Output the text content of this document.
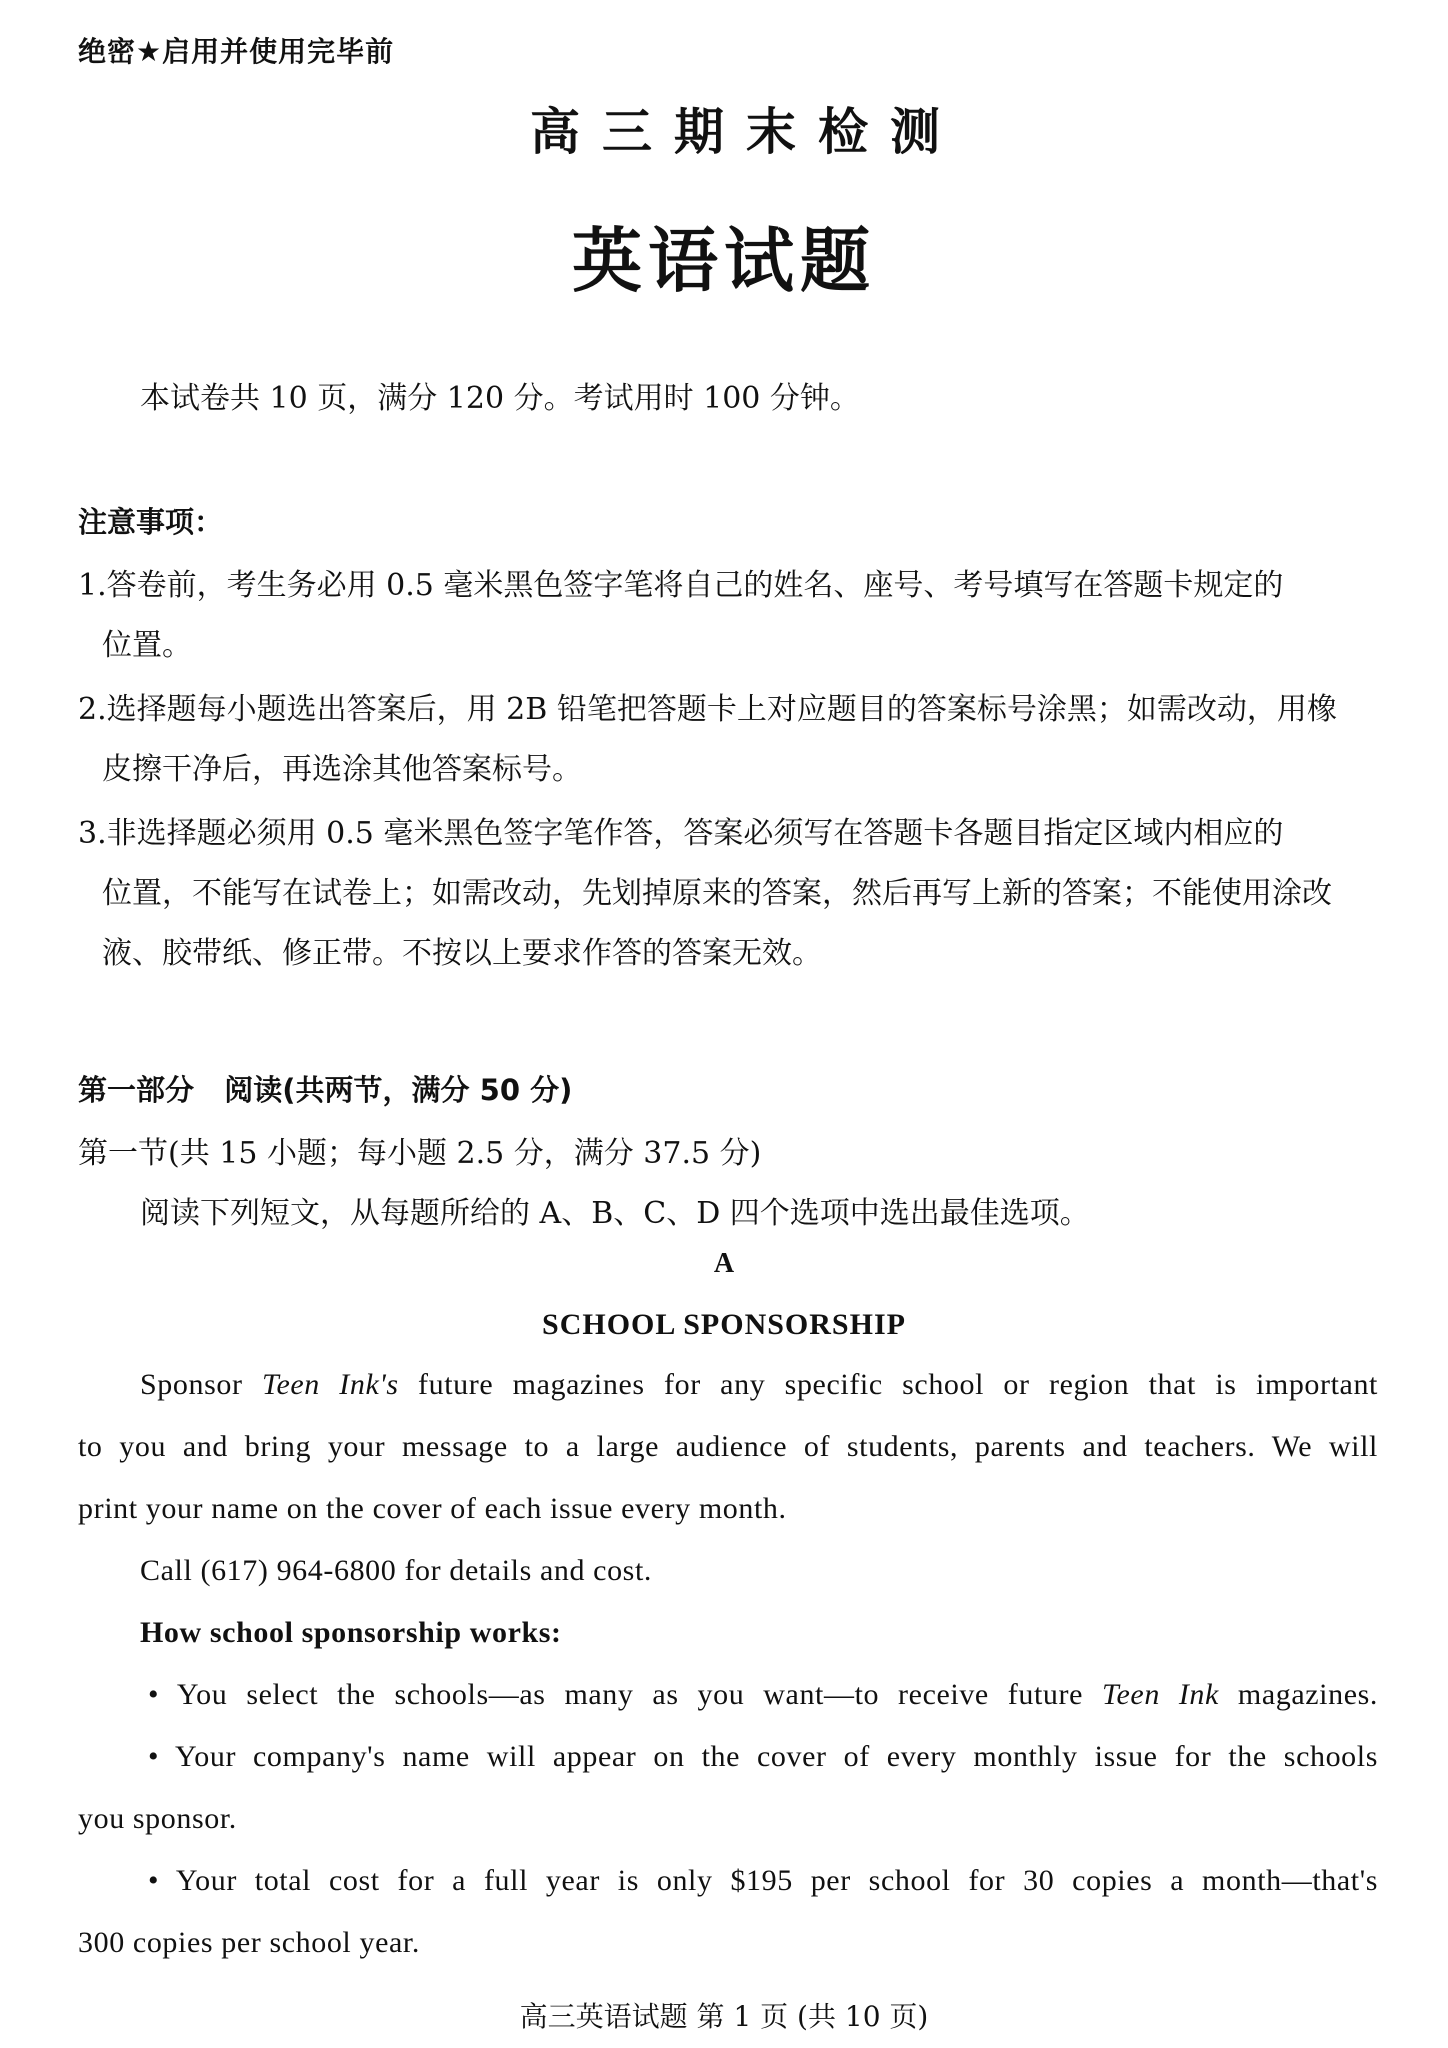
绝密★启用并使用完毕前
高三期末检测
英语试题
本试卷共 10 页，满分 120 分。考试用时 100 分钟。
注意事项：
1.答卷前，考生务必用 0.5 毫米黑色签字笔将自己的姓名、座号、考号填写在答题卡规定的
位置。
2.选择题每小题选出答案后，用 2B 铅笔把答题卡上对应题目的答案标号涂黑；如需改动，用橡
皮擦干净后，再选涂其他答案标号。
3.非选择题必须用 0.5 毫米黑色签字笔作答，答案必须写在答题卡各题目指定区域内相应的
位置，不能写在试卷上；如需改动，先划掉原来的答案，然后再写上新的答案；不能使用涂改
液、胶带纸、修正带。不按以上要求作答的答案无效。
第一部分   阅读(共两节，满分 50 分)
第一节(共 15 小题；每小题 2.5 分，满分 37.5 分)
阅读下列短文，从每题所给的 A、B、C、D 四个选项中选出最佳选项。
A
SCHOOL SPONSORSHIP
Sponsor Teen Ink's future magazines for any specific school or region that is important
to you and bring your message to a large audience of students, parents and teachers. We will
print your name on the cover of each issue every month.
Call (617) 964-6800 for details and cost.
How school sponsorship works:
• You select the schools—as many as you want—to receive future Teen Ink magazines.
• Your company's name will appear on the cover of every monthly issue for the schools
you sponsor.
• Your total cost for a full year is only $195 per school for 30 copies a month—that's
300 copies per school year.
高三英语试题 第 1 页 (共 10 页)
